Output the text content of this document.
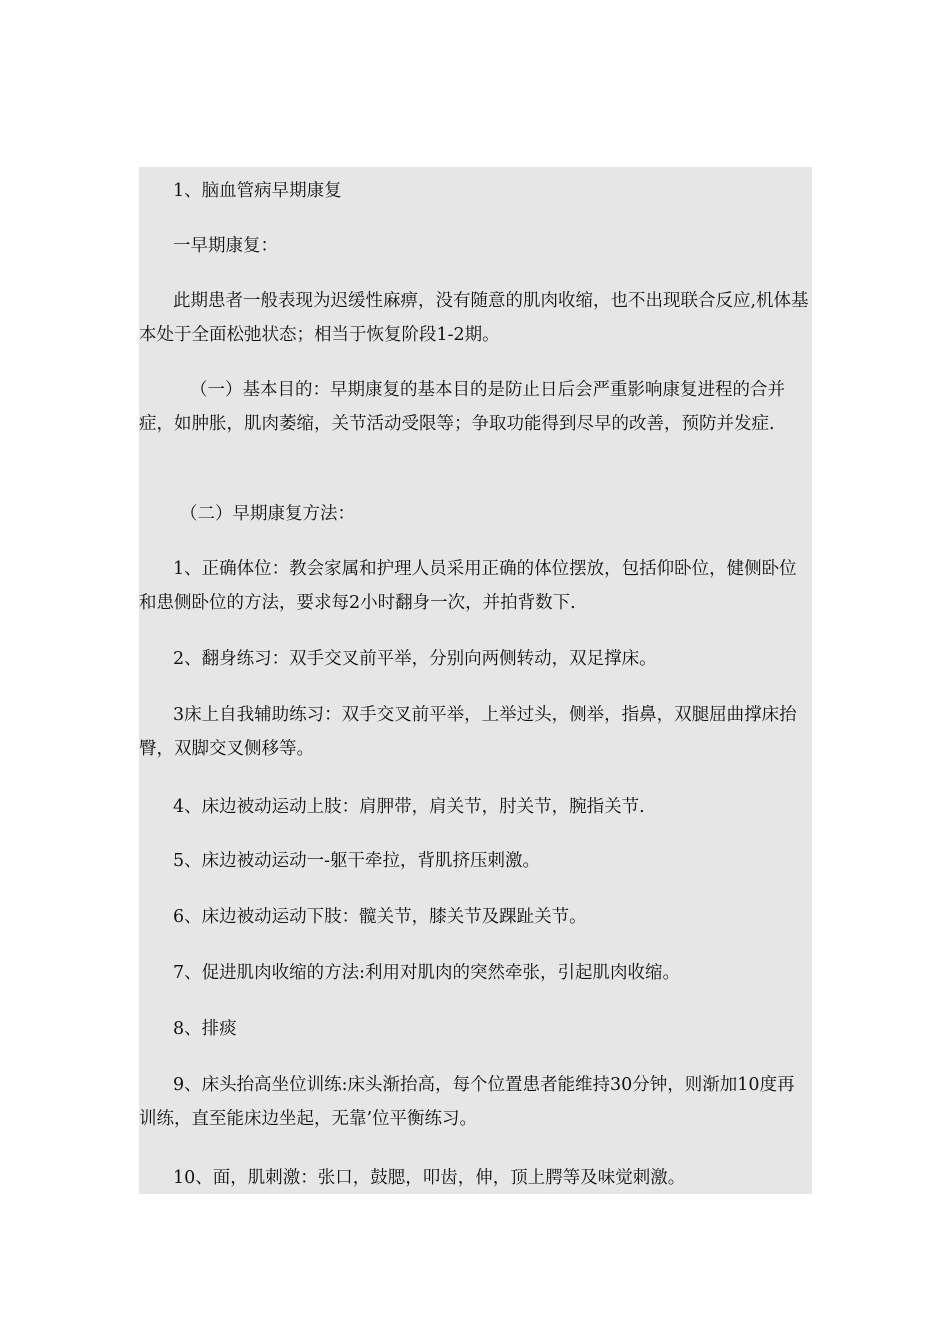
1、脑血管病早期康复

一早期康复：

此期患者一般表现为迟缓性麻痹，没有随意的肌肉收缩，也不出现联合反应,机体基本处于全面松弛状态；相当于恢复阶段1-2期。

（一）基本目的：早期康复的基本目的是防止日后会严重影响康复进程的合并症，如肿胀，肌肉萎缩，关节活动受限等；争取功能得到尽早的改善，预防并发症.

（二）早期康复方法：

1、正确体位：教会家属和护理人员采用正确的体位摆放，包括仰卧位，健侧卧位和患侧卧位的方法，要求每2小时翻身一次，并拍背数下.

2、翻身练习：双手交叉前平举，分别向两侧转动，双足撑床。

3床上自我辅助练习：双手交叉前平举，上举过头，侧举，指鼻，双腿屈曲撑床抬臀，双脚交叉侧移等。

4、床边被动运动上肢：肩胛带，肩关节，肘关节，腕指关节.

5、床边被动运动一-躯干牵拉，背肌挤压刺激。

6、床边被动运动下肢：髋关节，膝关节及踝趾关节。

7、促进肌肉收缩的方法:利用对肌肉的突然牵张，引起肌肉收缩。

8、排痰

9、床头抬高坐位训练:床头渐抬高，每个位置患者能维持30分钟，则渐加10度再训练，直至能床边坐起，无靠’位平衡练习。

10、面，肌刺激：张口，鼓腮，叩齿，伸，顶上腭等及味觉刺激。
